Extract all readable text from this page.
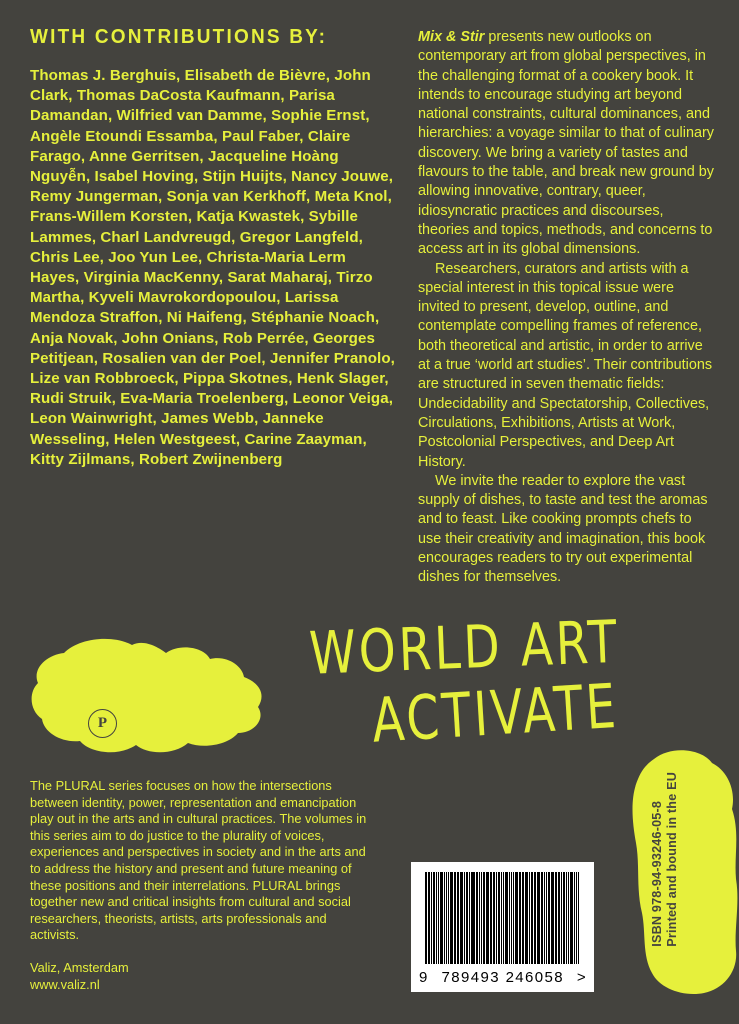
WITH CONTRIBUTIONS BY:
Thomas J. Berghuis, Elisabeth de Bièvre, John Clark, Thomas DaCosta Kaufmann, Parisa Damandan, Wilfried van Damme, Sophie Ernst, Angèle Etoundi Essamba, Paul Faber, Claire Farago, Anne Gerritsen, Jacqueline Hoàng Nguyễn, Isabel Hoving, Stijn Huijts, Nancy Jouwe, Remy Jungerman, Sonja van Kerkhoff, Meta Knol, Frans-Willem Korsten, Katja Kwastek, Sybille Lammes, Charl Landvreugd, Gregor Langfeld, Chris Lee, Joo Yun Lee, Christa-Maria Lerm Hayes, Virginia MacKenny, Sarat Maharaj, Tirzo Martha, Kyveli Mavrokordopoulou, Larissa Mendoza Straffon, Ni Haifeng, Stéphanie Noach, Anja Novak, John Onians, Rob Perrée, Georges Petitjean, Rosalien van der Poel, Jennifer Pranolo, Lize van Robbroeck, Pippa Skotnes, Henk Slager, Rudi Struik, Eva-Maria Troelenberg, Leonor Veiga, Leon Wainwright, James Webb, Janneke Wesseling, Helen Westgeest, Carine Zaayman, Kitty Zijlmans, Robert Zwijnenberg

Mix & Stir presents new outlooks on contemporary art from global perspectives, in the challenging format of a cookery book. It intends to encourage studying art beyond national constraints, cultural dominances, and hierarchies: a voyage similar to that of culinary discovery. We bring a variety of tastes and flavours to the table, and break new ground by allowing innovative, contrary, queer, idiosyncratic practices and discourses, theories and topics, methods, and concerns to access art in its global dimensions.

Researchers, curators and artists with a special interest in this topical issue were invited to present, develop, outline, and contemplate compelling frames of reference, both theoretical and artistic, in order to arrive at a true ‘world art studies’. Their contributions are structured in seven thematic fields: Undecidability and Spectatorship, Collectives, Circulations, Exhibitions, Artists at Work, Postcolonial Perspectives, and Deep Art History.

We invite the reader to explore the vast supply of dishes, to taste and test the aromas and to feast. Like cooking prompts chefs to use their creativity and imagination, this book encourages readers to try out experimental dishes for themselves.

P
WORLD ART
ACTIVATE

The PLURAL series focuses on how the intersections between identity, power, representation and emancipation play out in the arts and in cultural practices. The volumes in this series aim to do justice to the plurality of voices, experiences and perspectives in society and in the arts and to address the history and present and future meaning of these positions and their interrelations. PLURAL brings together new and critical insights from cultural and social researchers, theorists, artists, arts professionals and activists.

Valiz, Amsterdam
www.valiz.nl	9 789493 246058 >
ISBN 978-94-93246-05-8 Printed and bound in the EU
